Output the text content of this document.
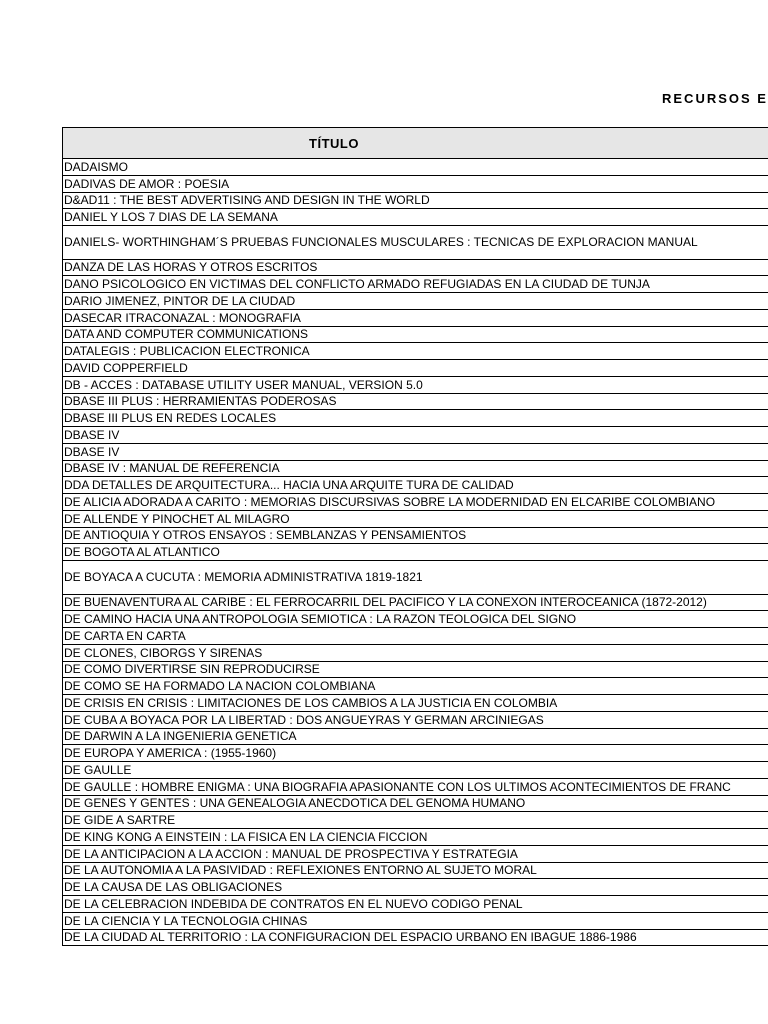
RECURSOS E
TÍTULO
DADAISMO
DADIVAS DE AMOR : POESIA
D&AD11 : THE BEST ADVERTISING AND DESIGN IN THE WORLD
DANIEL Y LOS 7 DIAS DE LA SEMANA
DANIELS- WORTHINGHAM´S PRUEBAS FUNCIONALES MUSCULARES : TECNICAS DE EXPLORACION MANUAL
DANZA DE LAS HORAS Y OTROS ESCRITOS
DANO PSICOLOGICO EN VICTIMAS DEL CONFLICTO ARMADO REFUGIADAS EN LA CIUDAD DE TUNJA
DARIO JIMENEZ, PINTOR DE LA CIUDAD
DASECAR ITRACONAZAL : MONOGRAFIA
DATA AND COMPUTER COMMUNICATIONS
DATALEGIS : PUBLICACION ELECTRONICA
DAVID COPPERFIELD
DB - ACCES : DATABASE UTILITY USER MANUAL, VERSION 5.0
DBASE III PLUS : HERRAMIENTAS PODEROSAS
DBASE III PLUS EN REDES LOCALES
DBASE IV
DBASE IV
DBASE IV : MANUAL DE REFERENCIA
DDA DETALLES DE ARQUITECTURA... HACIA UNA ARQUITE TURA DE CALIDAD
DE ALICIA ADORADA A CARITO : MEMORIAS DISCURSIVAS SOBRE LA MODERNIDAD EN ELCARIBE COLOMBIANO
DE ALLENDE Y PINOCHET AL MILAGRO
DE ANTIOQUIA Y OTROS ENSAYOS : SEMBLANZAS Y PENSAMIENTOS
DE BOGOTA AL ATLANTICO
DE BOYACA A CUCUTA : MEMORIA ADMINISTRATIVA 1819-1821
DE BUENAVENTURA AL CARIBE : EL FERROCARRIL DEL PACIFICO Y LA CONEXON INTEROCEANICA (1872-2012)
DE CAMINO HACIA UNA ANTROPOLOGIA SEMIOTICA : LA RAZON TEOLOGICA DEL SIGNO
DE CARTA EN CARTA
DE CLONES, CIBORGS Y SIRENAS
DE COMO DIVERTIRSE SIN REPRODUCIRSE
DE COMO SE HA FORMADO LA NACION COLOMBIANA
DE CRISIS EN CRISIS : LIMITACIONES DE LOS CAMBIOS A LA JUSTICIA EN COLOMBIA
DE CUBA A BOYACA POR LA LIBERTAD : DOS ANGUEYRAS Y GERMAN ARCINIEGAS
DE DARWIN A LA INGENIERIA GENETICA
DE EUROPA Y AMERICA : (1955-1960)
DE GAULLE
DE GAULLE : HOMBRE ENIGMA : UNA BIOGRAFIA APASIONANTE CON LOS ULTIMOS ACONTECIMIENTOS DE FRANC
DE GENES Y GENTES : UNA GENEALOGIA ANECDOTICA DEL GENOMA HUMANO
DE GIDE A SARTRE
DE KING KONG A EINSTEIN : LA FISICA EN LA CIENCIA FICCION
DE LA ANTICIPACION A LA ACCION : MANUAL DE PROSPECTIVA Y ESTRATEGIA
DE LA AUTONOMIA A LA PASIVIDAD : REFLEXIONES ENTORNO AL SUJETO MORAL
DE LA CAUSA DE LAS OBLIGACIONES
DE LA CELEBRACION INDEBIDA DE CONTRATOS EN EL NUEVO CODIGO PENAL
DE LA CIENCIA Y LA TECNOLOGIA CHINAS
DE LA CIUDAD AL TERRITORIO : LA CONFIGURACION DEL ESPACIO URBANO EN IBAGUE 1886-1986
